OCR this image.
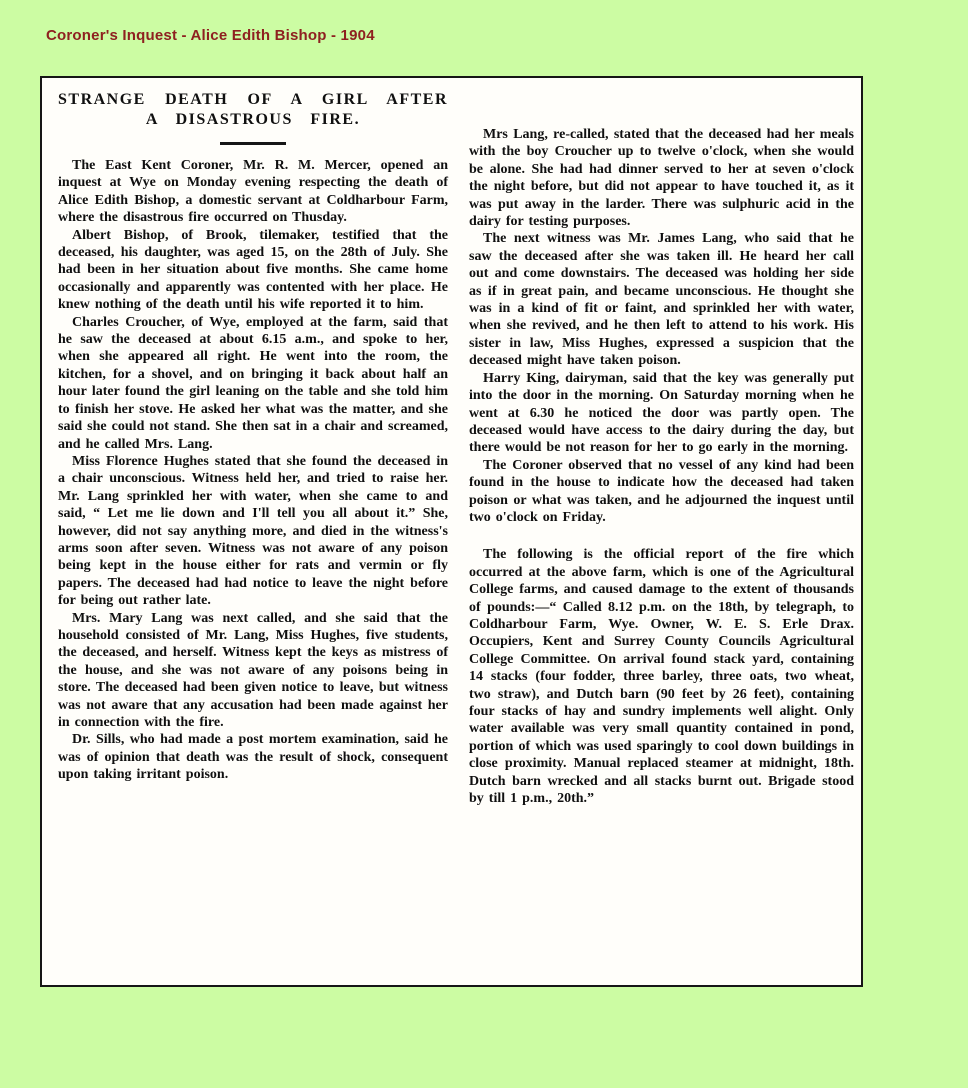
Coroner's Inquest - Alice Edith Bishop - 1904
STRANGE DEATH OF A GIRL AFTER
A DISASTROUS FIRE.

The East Kent Coroner, Mr. R. M. Mercer, opened an inquest at Wye on Monday evening respecting the death of Alice Edith Bishop, a domestic servant at Coldharbour Farm, where the disastrous fire occurred on Thusday.

Albert Bishop, of Brook, tilemaker, testified that the deceased, his daughter, was aged 15, on the 28th of July. She had been in her situation about five months. She came home occasionally and apparently was contented with her place. He knew nothing of the death until his wife reported it to him.

Charles Croucher, of Wye, employed at the farm, said that he saw the deceased at about 6.15 a.m., and spoke to her, when she appeared all right. He went into the room, the kitchen, for a shovel, and on bringing it back about half an hour later found the girl leaning on the table and she told him to finish her stove. He asked her what was the matter, and she said she could not stand. She then sat in a chair and screamed, and he called Mrs. Lang.

Miss Florence Hughes stated that she found the deceased in a chair unconscious. Witness held her, and tried to raise her. Mr. Lang sprinkled her with water, when she came to and said, “ Let me lie down and I'll tell you all about it.” She, however, did not say anything more, and died in the witness's arms soon after seven. Witness was not aware of any poison being kept in the house either for rats and vermin or fly papers. The deceased had had notice to leave the night before for being out rather late.

Mrs. Mary Lang was next called, and she said that the household consisted of Mr. Lang, Miss Hughes, five students, the deceased, and herself. Witness kept the keys as mistress of the house, and she was not aware of any poisons being in store. The deceased had been given notice to leave, but witness was not aware that any accusation had been made against her in connection with the fire.

Dr. Sills, who had made a post mortem examination, said he was of opinion that death was the result of shock, consequent upon taking irritant poison.

Mrs Lang, re-called, stated that the deceased had her meals with the boy Croucher up to twelve o'clock, when she would be alone. She had had dinner served to her at seven o'clock the night before, but did not appear to have touched it, as it was put away in the larder. There was sulphuric acid in the dairy for testing purposes.

The next witness was Mr. James Lang, who said that he saw the deceased after she was taken ill. He heard her call out and come downstairs. The deceased was holding her side as if in great pain, and became unconscious. He thought she was in a kind of fit or faint, and sprinkled her with water, when she revived, and he then left to attend to his work. His sister in law, Miss Hughes, expressed a suspicion that the deceased might have taken poison.

Harry King, dairyman, said that the key was generally put into the door in the morning. On Saturday morning when he went at 6.30 he noticed the door was partly open. The deceased would have access to the dairy during the day, but there would be not reason for her to go early in the morning.

The Coroner observed that no vessel of any kind had been found in the house to indicate how the deceased had taken poison or what was taken, and he adjourned the inquest until two o'clock on Friday.

The following is the official report of the fire which occurred at the above farm, which is one of the Agricultural College farms, and caused damage to the extent of thousands of pounds:—“ Called 8.12 p.m. on the 18th, by telegraph, to Coldharbour Farm, Wye. Owner, W. E. S. Erle Drax. Occupiers, Kent and Surrey County Councils Agricultural College Committee. On arrival found stack yard, containing 14 stacks (four fodder, three barley, three oats, two wheat, two straw), and Dutch barn (90 feet by 26 feet), containing four stacks of hay and sundry implements well alight. Only water available was very small quantity contained in pond, portion of which was used sparingly to cool down buildings in close proximity. Manual replaced steamer at midnight, 18th. Dutch barn wrecked and all stacks burnt out. Brigade stood by till 1 p.m., 20th.”
